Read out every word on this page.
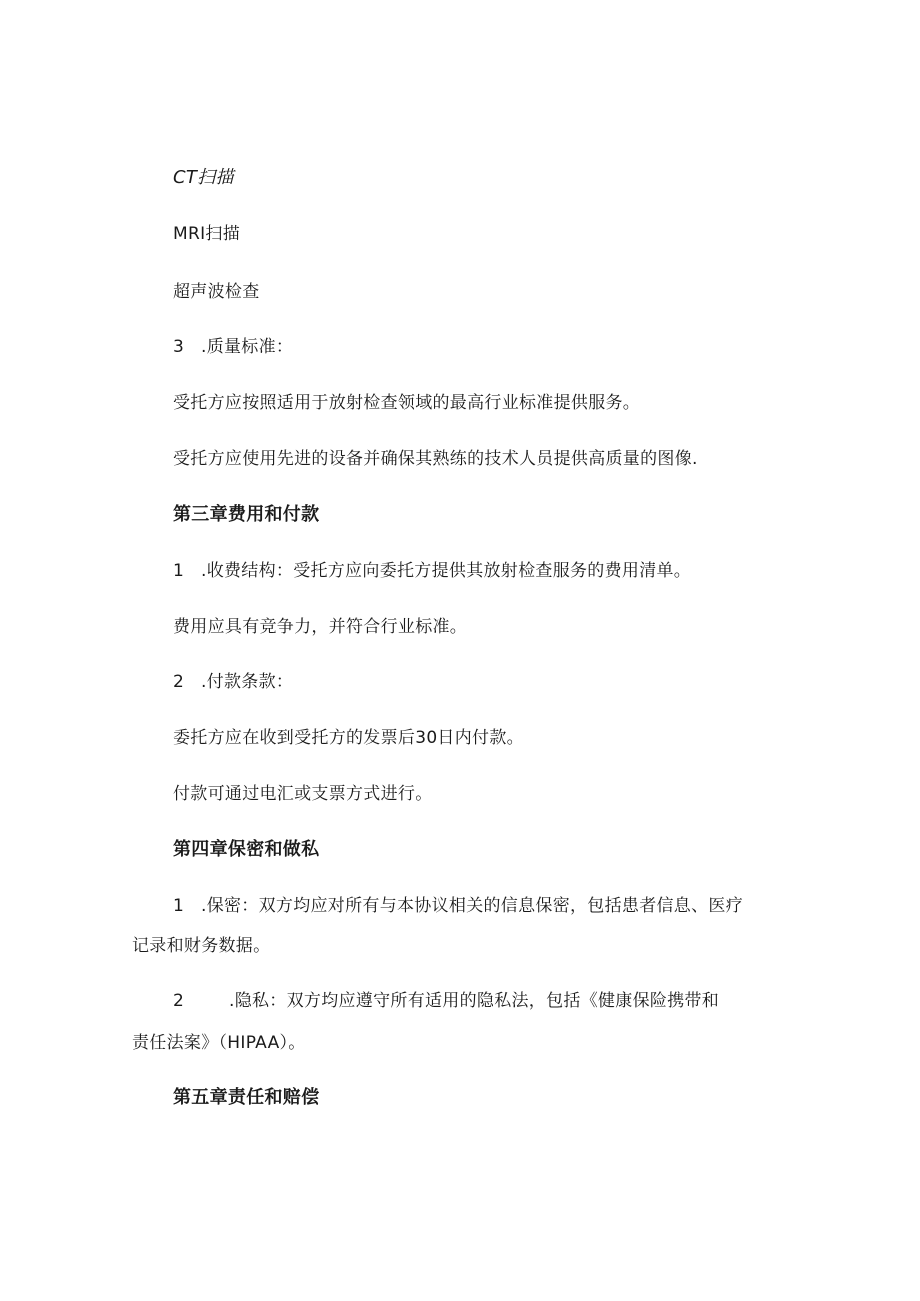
CT扫描
MRI扫描
超声波检查
3 .质量标准：
受托方应按照适用于放射检查领域的最高行业标准提供服务。
受托方应使用先进的设备并确保其熟练的技术人员提供高质量的图像.
第三章费用和付款
1 .收费结构：受托方应向委托方提供其放射检查服务的费用清单。
费用应具有竞争力，并符合行业标准。
2 .付款条款：
委托方应在收到受托方的发票后30日内付款。
付款可通过电汇或支票方式进行。
第四章保密和做私
1 .保密：双方均应对所有与本协议相关的信息保密，包括患者信息、医疗
记录和财务数据。
2	.隐私：双方均应遵守所有适用的隐私法，包括《健康保险携带和
责任法案》（HIPAA）。
第五章责任和赔偿
